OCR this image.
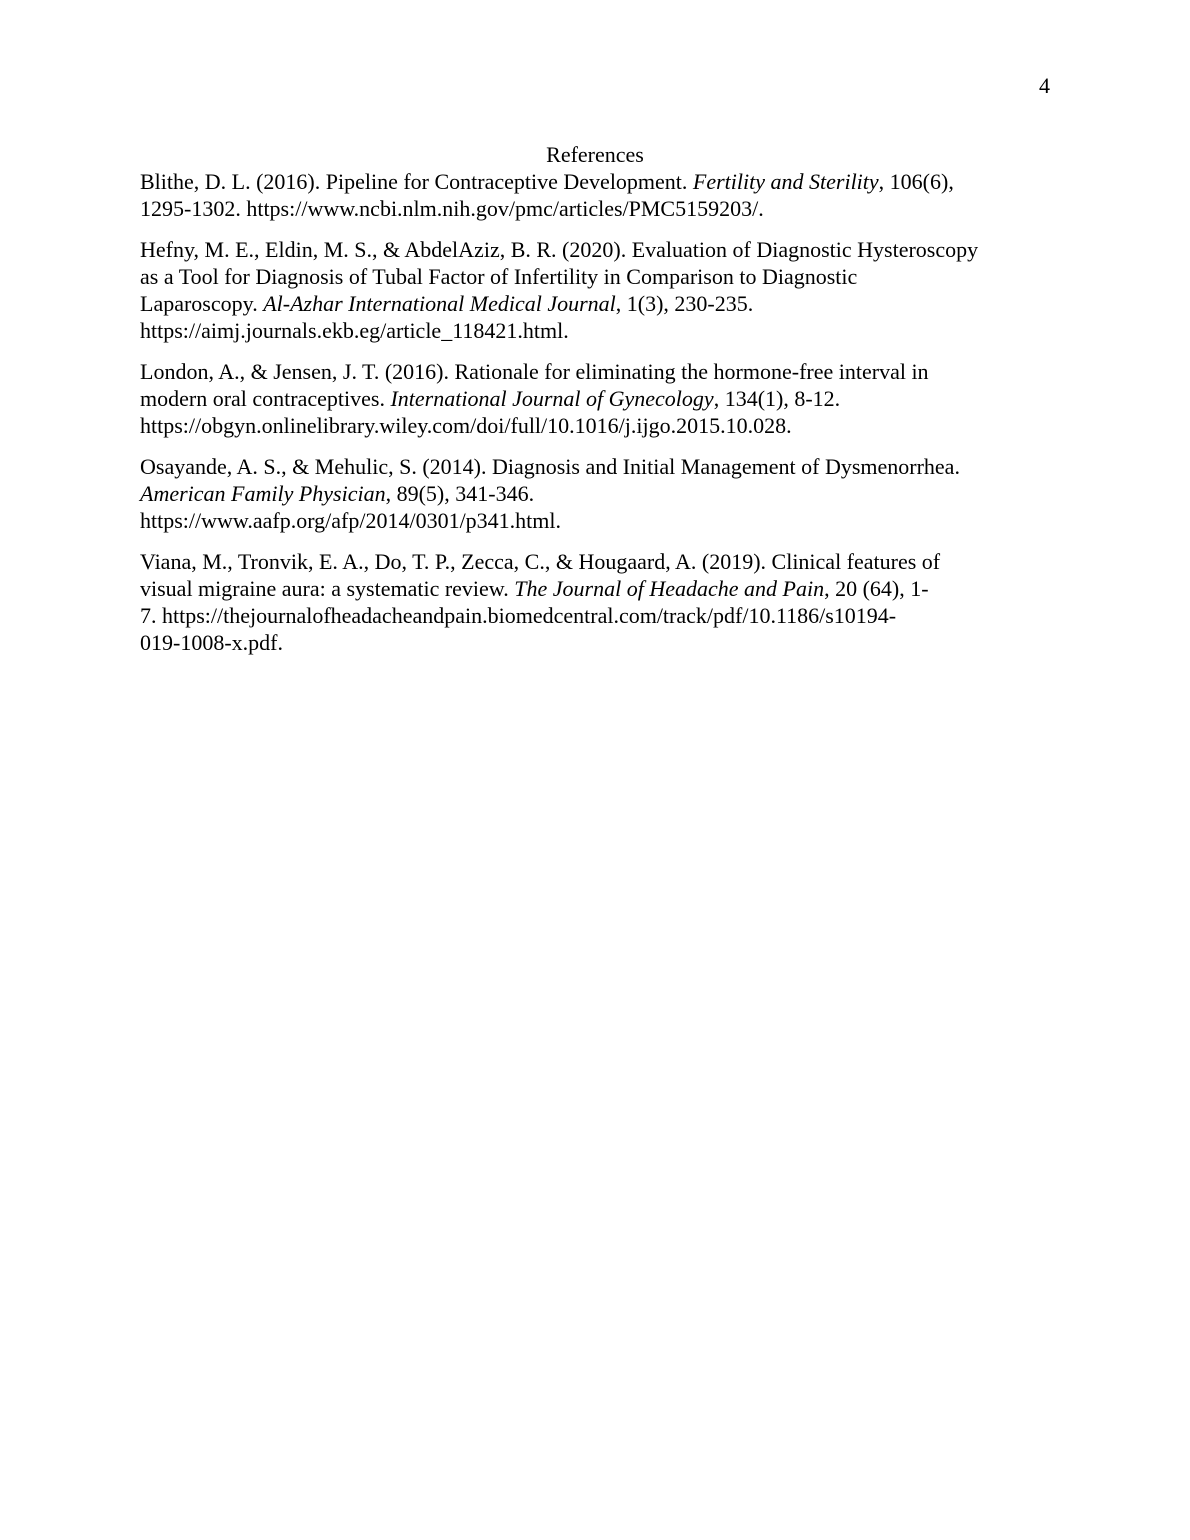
4
References

Blithe, D. L. (2016). Pipeline for Contraceptive Development. Fertility and Sterility, 106(6),
1295-1302. https://www.ncbi.nlm.nih.gov/pmc/articles/PMC5159203/.

Hefny, M. E., Eldin, M. S., & AbdelAziz, B. R. (2020). Evaluation of Diagnostic Hysteroscopy
as a Tool for Diagnosis of Tubal Factor of Infertility in Comparison to Diagnostic
Laparoscopy. Al-Azhar International Medical Journal, 1(3), 230-235.
https://aimj.journals.ekb.eg/article_118421.html.

London, A., & Jensen, J. T. (2016). Rationale for eliminating the hormone-free interval in
modern oral contraceptives. International Journal of Gynecology, 134(1), 8-12.
https://obgyn.onlinelibrary.wiley.com/doi/full/10.1016/j.ijgo.2015.10.028.

Osayande, A. S., & Mehulic, S. (2014). Diagnosis and Initial Management of Dysmenorrhea.
American Family Physician, 89(5), 341-346.
https://www.aafp.org/afp/2014/0301/p341.html.

Viana, M., Tronvik, E. A., Do, T. P., Zecca, C., & Hougaard, A. (2019). Clinical features of
visual migraine aura: a systematic review. The Journal of Headache and Pain, 20 (64), 1-
7. https://thejournalofheadacheandpain.biomedcentral.com/track/pdf/10.1186/s10194-
019-1008-x.pdf.
